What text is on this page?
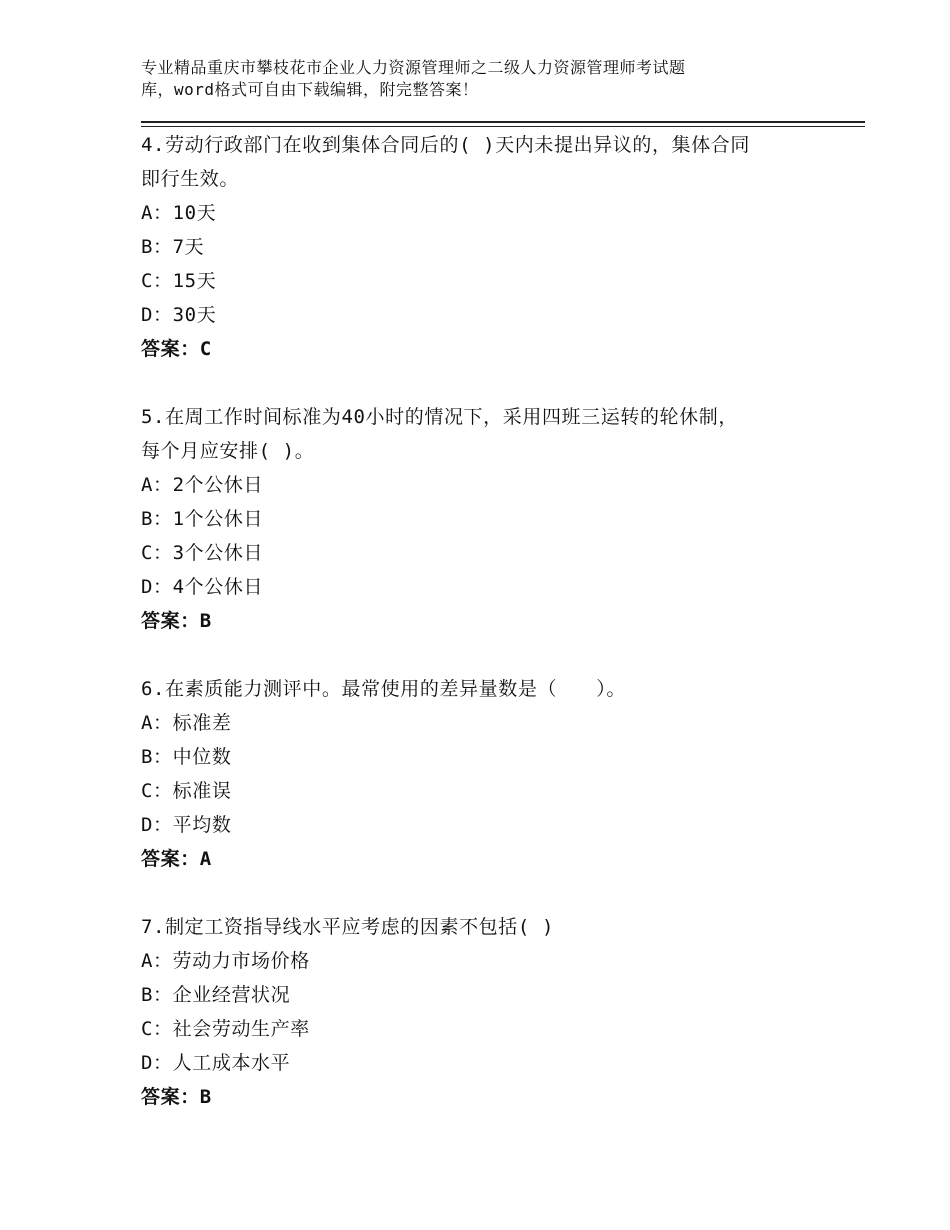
专业精品重庆市攀枝花市企业人力资源管理师之二级人力资源管理师考试题
库，word格式可自由下载编辑，附完整答案！
4.劳动行政部门在收到集体合同后的( )天内未提出异议的，集体合同
即行生效。
A：10天
B：7天
C：15天
D：30天
答案：C
5.在周工作时间标准为40小时的情况下，采用四班三运转的轮休制，
每个月应安排( )。
A：2个公休日
B：1个公休日
C：3个公休日
D：4个公休日
答案：B
6.在素质能力测评中。最常使用的差异量数是（　　）。
A：标准差
B：中位数
C：标准误
D：平均数
答案：A
7.制定工资指导线水平应考虑的因素不包括( )
A：劳动力市场价格
B：企业经营状况
C：社会劳动生产率
D：人工成本水平
答案：B
